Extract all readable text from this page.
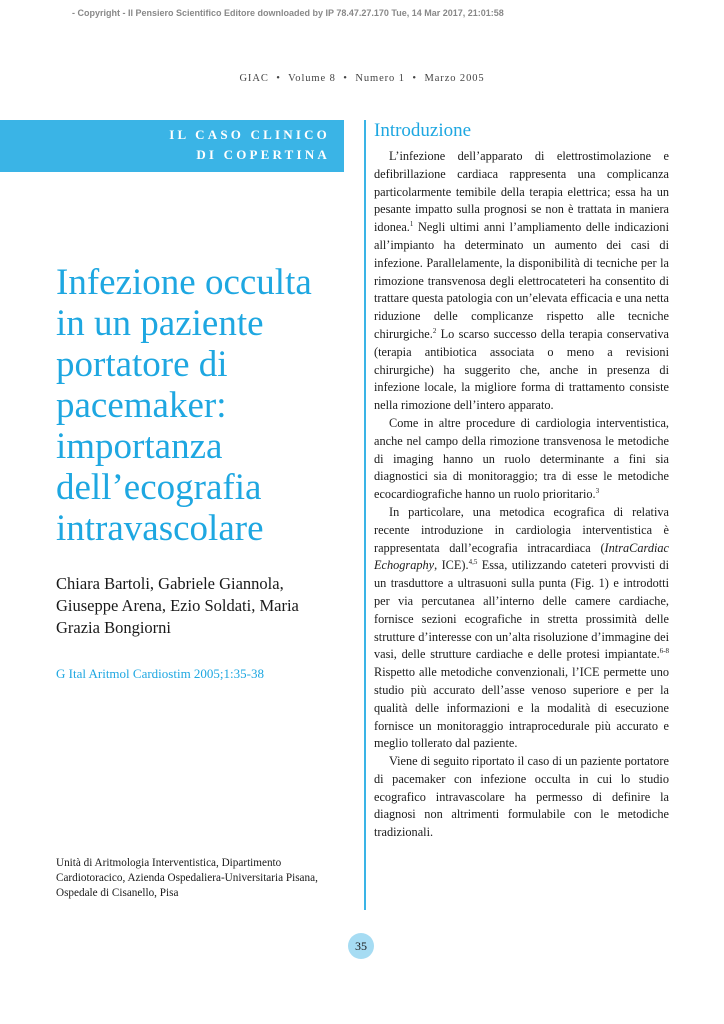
- Copyright - Il Pensiero Scientifico Editore downloaded by IP 78.47.27.170 Tue, 14 Mar 2017, 21:01:58
GIAC • Volume 8 • Numero 1 • Marzo 2005
IL CASO CLINICO
DI COPERTINA
Infezione occulta in un paziente portatore di pacemaker: importanza dell’ecografia intravascolare

Chiara Bartoli, Gabriele Giannola, Giuseppe Arena, Ezio Soldati, Maria Grazia Bongiorni

G Ital Aritmol Cardiostim 2005;1:35-38

Unità di Aritmologia Interventistica, Dipartimento Cardiotoracico, Azienda Ospedaliera-Universitaria Pisana, Ospedale di Cisanello, Pisa

Introduzione

L’infezione dell’apparato di elettrostimolazione e defibrillazione cardiaca rappresenta una complicanza particolarmente temibile della terapia elettrica; essa ha un pesante impatto sulla prognosi se non è trattata in maniera idonea.$^1$ Negli ultimi anni l’ampliamento delle indicazioni all’impianto ha determinato un aumento dei casi di infezione. Parallelamente, la disponibilità di tecniche per la rimozione transvenosa degli elettrocateteri ha consentito di trattare questa patologia con un’elevata efficacia e una netta riduzione delle complicanze rispetto alle tecniche chirurgiche.$^2$ Lo scarso successo della terapia conservativa (terapia antibiotica associata o meno a revisioni chirurgiche) ha suggerito che, anche in presenza di infezione locale, la migliore forma di trattamento consiste nella rimozione dell’intero apparato.

Come in altre procedure di cardiologia interventistica, anche nel campo della rimozione transvenosa le metodiche di imaging hanno un ruolo determinante a fini sia diagnostici sia di monitoraggio; tra di esse le metodiche ecocardiografiche hanno un ruolo prioritario.$^3$

In particolare, una metodica ecografica di relativa recente introduzione in cardiologia interventistica è rappresentata dall’ecografia intracardiaca (IntraCardiac Echography, ICE).$^{4,5}$ Essa, utilizzando cateteri provvisti di un trasduttore a ultrasuoni sulla punta (Fig. 1) e introdotti per via percutanea all’interno delle camere cardiache, fornisce sezioni ecografiche in stretta prossimità delle strutture d’interesse con un’alta risoluzione d’immagine dei vasi, delle strutture cardiache e delle protesi impiantate.$^{6-8}$ Rispetto alle metodiche convenzionali, l’ICE permette uno studio più accurato dell’asse venoso superiore e per la qualità delle informazioni e la modalità di esecuzione fornisce un monitoraggio intraprocedurale più accurato e meglio tollerato dal paziente.

Viene di seguito riportato il caso di un paziente portatore di pacemaker con infezione occulta in cui lo studio ecografico intravascolare ha permesso di definire la diagnosi non altrimenti formulabile con le metodiche tradizionali.

35
